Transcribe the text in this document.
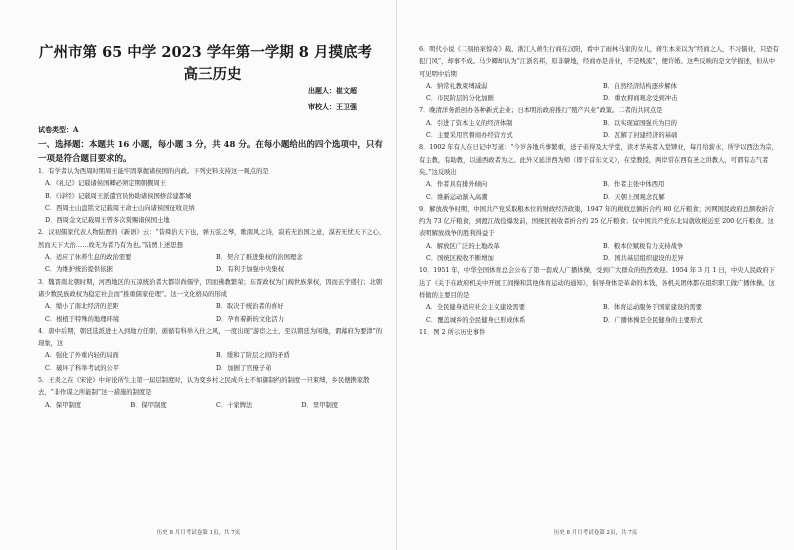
广州市第 65 中学 2023 学年第一学期 8 月摸底考
高三历史
出题人：崔文超
审校人：王卫强
试卷类型：A
一、选择题：本题共 16 小题，每小题 3 分，共 48 分。在每小题给出的四个选项中，只有一项是符合题目要求的。
1．有学者认为西周时期周王能牢固掌握诸侯国的内政。下列史料支持这一观点的是
A．《礼记》记载诸侯国卿必须定期朝觐周王
B．《诗经》记载周王派遣官员协助诸侯国修营建都城
C．西周士山盘铭文记载周王命士山向诸侯国征收贡纳
D．西周金文记载周王曾多次赏赐诸侯国土地
2．汉初儒家代表人物陆贾的《新语》云：“昔舜治天下也，弹五弦之琴，歌南风之诗，寂若无治国之意，漠若无忧天下之心，然而天下大治……故无为者乃有为也。”陆贾上述思想
A．适应了休养生息的政治需要	B．契合了推进集权的治国理念
C．为维护统治提供依据	D．有利于加强中央集权
3．魏晋南北朝时期，河西地区的五凉统治者大都崇尚儒学，因而佛教繁荣；东晋政权为门阀世族掌权，因而玄学盛行；北朝诸少数民族政权为稳定社会而“推重儒家伦理”。这一文化格局的形成
A．缩小了南北经济的差距	B．取决于统治者的喜好
C．根植于特殊的地理环境	D．孕育着新的文化活力
4．唐中后期，朝廷选派进士入到地方任职，循循有科举入仕之风，一度出现“游宦之士，至以朝廷为闲地，谓幕府为要津”的现象，这
A．强化了外重内轻的局面	B．缓和了阶层之间的矛盾
C．破坏了科举考试的公平	D．加剧了官僚子弟
5．王炎之在《宋论》中评论所生主第一届层制度时，认为变乡村之民成兵士不如御制约的制度一旦束缚，乡民便携家散去，“非作谋之所能制”这一措施的制度是
A．保甲制度	B．保甲制度	C．十家牌法	D．里甲制度
历史 8 月月考试卷第 1页，共 7页
6．明代小说《二刻拍案惊奇》载，浙江人蒋生行商在汉阳，看中了雨林马家的女儿，蒋生本来以为“经商之人，不习儒业，只恐有犯门风”，却事不成。马少卿却认为“江浙名邦，原非僻地，经商亦是善业，不是贱流”，便许婚。这些反映的是文学描述，但从中可见明中后期
A．纳常礼教束缚减弱	B．自然经济结构逐步解体
C．市民阶层的分化加剧	D．重农抑商观念受到冲击
7．晚清洋务派创办各种新式企业；日本明治政府推行“殖产兴业”政策。二者的共同点是
A．引进了资本主义的经济体制	B．以实现富国强兵为目的
C．主要采用官督商办经营方式	D．瓦解了封建经济的基础
8．1902 年有人在日记中写道：“今岁各地兵事繁重，送子弟得及大学堂，读才华英者入堂肄业，每月给薪水，所学以西法为宗，有主教，有助教，以通西政者为之。此外又延洋西为师（即于首东文义），在堂教授，两岸常在西有圣之讲教人，可谓有志气者矣。”这反映出
A．作者具有排外倾向	B．作者主张中体西用
C．维新运动渐入高潮	D．天朝上国观念瓦解
9．解放战争时期，中国共产党采取粮本位的财政经济政策，1947 年的税收总额折合约 80 亿斤粮食；河网国民政府总额收折合约为 73 亿斤粮食，到渡江战役爆发前，国统区税收者折合约 25 亿斤粮食；仅中国共产党东北局就收税近至 200 亿斤粮食。这表明解放战争的胜利得益于
A．解放区广泛的土地改革	B．粮本位赋税有力支持战争
C．国统区税收不断增加	D．国共基层组织建设的差异
10．1951 年，中华全国体育总会公布了第一套成人广播体操，受到广大群众的热烈欢迎。1954 年 3 月 1 日，中央人民政府下达了《关于在政府机关中开展工间操和其他体育运动的通知》，倡导身体是革命的本钱，各机关团体都在组织职工做广播体操。这样做的主要目的是
A．全民健身适应社会主义建设需要	B．体育运动服务于国家建设的需要
C．覆盖城乡的全民健身已形成体系	D．广播体操是全民健身的主要形式
11．图 2 所示历史事件
历史 8 月月考试卷第 2页，共 7页
